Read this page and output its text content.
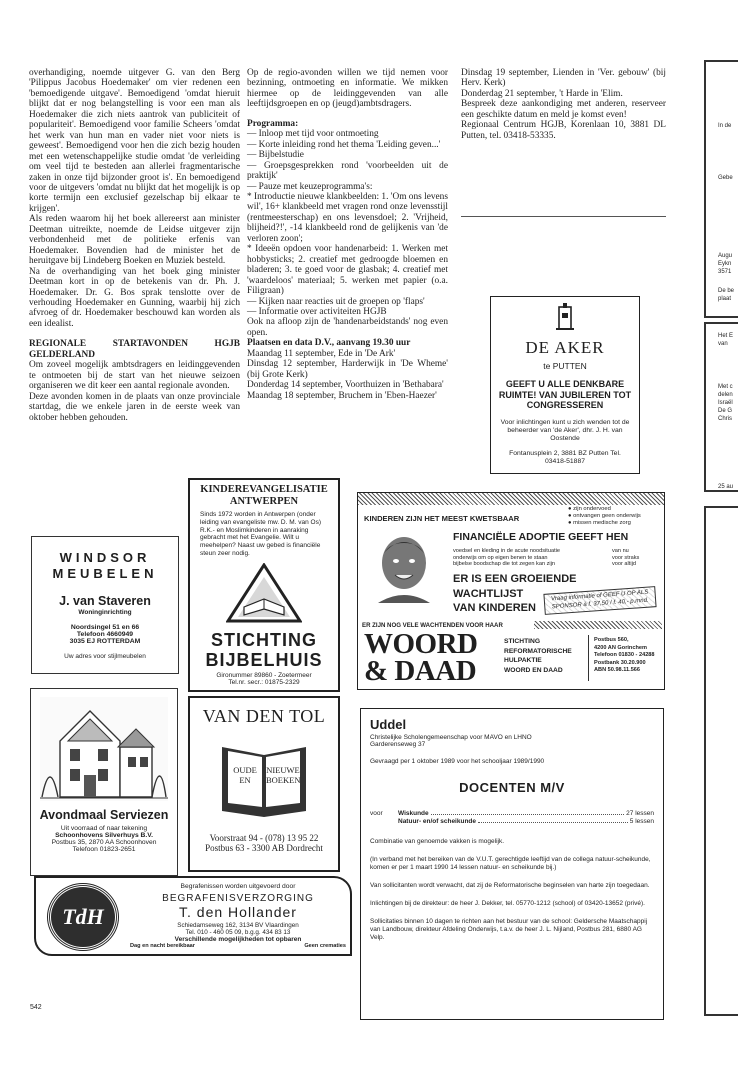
overhandiging, noemde uitgever G. van den Berg 'Pilippus Jacobus Hoedemaker' om vier redenen een 'bemoedigende uitgave'. Bemoedigend 'omdat hieruit blijkt dat er nog belangstelling is voor een man als Hoedemaker die zich niets aantrok van publiciteit of populariteit'. Bemoedigend voor familie Scheers 'omdat het werk van hun man en vader niet voor niets is geweest'. Bemoedigend voor hen die zich bezig houden met een wetenschappelijke studie omdat 'de verleiding om veel tijd te besteden aan allerlei fragmentarische zaken in onze tijd bijzonder groot is'. En bemoedigend voor de uitgevers 'omdat nu blijkt dat het mogelijk is op korte termijn een exclusief gezelschap bij elkaar te krijgen'.

Als reden waarom hij het boek allereerst aan minister Deetman uitreikte, noemde de Leidse uitgever zijn verbondenheid met de politieke erfenis van Hoedemaker. Bovendien had de minister het de heruitgave bij Lindeberg Boeken en Muziek besteld.

Na de overhandiging van het boek ging minister Deetman kort in op de betekenis van dr. Ph. J. Hoedemaker. Dr. G. Bos sprak tenslotte over de verhouding Hoedemaker en Gunning, waarbij hij zich afvroeg of dr. Hoedemaker beschouwd kan worden als een idealist.

REGIONALE STARTAVONDEN HGJB GELDERLAND

Om zoveel mogelijk ambtsdragers en leidinggevenden te ontmoeten bij de start van het nieuwe seizoen organiseren we dit keer een aantal regionale avonden.

Deze avonden komen in de plaats van onze provinciale startdag, die we enkele jaren in de eerste week van oktober hebben gehouden.

Op de regio-avonden willen we tijd nemen voor bezinning, ontmoeting en informatie. We mikken hiermee op de leidinggevenden van alle leeftijdsgroepen en op (jeugd)ambtsdragers.

Programma:

— Inloop met tijd voor ontmoeting

— Korte inleiding rond het thema 'Leiding geven...'

— Bijbelstudie

— Groepsgesprekken rond 'voorbeelden uit de praktijk'

— Pauze met keuzeprogramma's:

* Introductie nieuwe klankbeelden: 1. 'Om ons levens wil', 16+ klankbeeld met vragen rond onze levensstijl (rentmeesterschap) en ons levensdoel; 2. 'Vrijheid, blijheid?!', -14 klankbeeld rond de gelijkenis van 'de verloren zoon';

* Ideeën opdoen voor handenarbeid: 1. Werken met hobbysticks; 2. creatief met gedroogde bloemen en bladeren; 3. te goed voor de glasbak; 4. creatief met 'waardeloos' materiaal; 5. werken met papier (o.a. Filigraan)

— Kijken naar reacties uit de groepen op 'flaps'

— Informatie over activiteiten HGJB

Ook na afloop zijn de 'handenarbeidstands' nog even open.

Plaatsen en data D.V., aanvang 19.30 uur

Maandag 11 september, Ede in 'De Ark'

Dinsdag 12 september, Harderwijk in 'De Wheme' (bij Grote Kerk)

Donderdag 14 september, Voorthuizen in 'Bethabara'

Maandag 18 september, Bruchem in 'Eben-Haezer'

Dinsdag 19 september, Lienden in 'Ver. gebouw' (bij Herv. Kerk)

Donderdag 21 september, 't Harde in 'Elim.

Bespreek deze aankondiging met anderen, reserveer een geschikte datum en meld je komst even!

Regionaal Centrum HGJB, Korenlaan 10, 3881 DL Putten, tel. 03418-53335.

DE AKER
te PUTTEN
GEEFT U ALLE DENKBARE RUIMTE! VAN JUBILEREN TOT CONGRESSEREN
Voor inlichtingen kunt u zich wenden tot de beheerder van 'de Aker', dhr. J. H. van Oostende
Fontanusplein 2, 3881 BZ Putten Tel. 03418-51887
In de
Gebe
Augu
Eykn
3571
De be
plaat
Het E
van
Met c
delen
Israël
De G
Chris
25 au
WINDSOR
MEUBELEN
J. van Staveren
Woninginrichting
Noordsingel 51 en 66
Telefoon 4660949
3035 EJ ROTTERDAM
Uw adres voor stijlmeubelen
KINDEREVANGELISATIE ANTWERPEN
Sinds 1972 worden in Antwerpen (onder leiding van evangeliste mw. D. M. van Os) R.K.- en Moslimkinderen in aanraking gebracht met het Evangelie. Wilt u meehelpen? Naast uw gebed is financiële steun zeer nodig.
STICHTING
BIJBELHUIS
Gironummer 89860 - Zoetermeer
Tel.nr. secr.: 01875-2329
KINDEREN ZIJN HET MEEST KWETSBAAR
● zijn ondervoed
● ontvangen geen onderwijs
● missen medische zorg
FINANCIËLE ADOPTIE GEEFT HEN
voedsel en kleding in de acute noodsituatie
onderwijs om op eigen benen te staan
bijbelse boodschap die tot zegen kan zijn
van nu
voor straks
voor altijd
ER IS EEN GROEIENDE
WACHTLIJST
VAN KINDEREN
Vraag informatie of GEEF U OP ALS SPONSOR à f. 37,50 / f. 40,- p.mnd.
ER ZIJN NOG VELE WACHTENDEN VOOR HAAR
WOORD
& DAAD
STICHTING
REFORMATORISCHE
HULPAKTIE
WOORD EN DAAD
Postbus 560,
4200 AN Gorinchem
Telefoon 01830 - 24288
Postbank 30.20.900
ABN 50.98.11.566
Avondmaal Serviezen
Uit voorraad of naar tekening
Schoonhovens Silverhuys B.V.
Postbus 35, 2870 AA Schoonhoven
Telefoon 01823-2651
VAN DEN TOL
OUDE
EN
NIEUWE
BOEKEN
Voorstraat 94 - (078) 13 95 22
Postbus 63 - 3300 AB Dordrecht
Uddel
Christelijke Scholengemeenschap voor MAVO en LHNO
Garderenseweg 37
Gevraagd per 1 oktober 1989 voor het schooljaar 1989/1990
DOCENTEN M/V
voor	Wiskunde	27 lessen
Natuur- en/of scheikunde	5 lessen
Combinatie van genoemde vakken is mogelijk.
(In verband met het bereiken van de V.U.T. gerechtigde leeftijd van de collega natuur-scheikunde, komen er per 1 maart 1990 14 lessen natuur- en scheikunde bij.)
Van sollicitanten wordt verwacht, dat zij de Reformatorische beginselen van harte zijn toegedaan.
Inlichtingen bij de direkteur: de heer J. Dekker, tel. 05770-1212 (school) of 03420-13652 (privé).
Sollicitaties binnen 10 dagen te richten aan het bestuur van de school: Geldersche Maatschappij van Landbouw, direkteur Afdeling Onderwijs, t.a.v. de heer J. L. Nijland, Postbus 281, 6880 AG Velp.
TdH
Begrafenissen worden uitgevoerd door
BEGRAFENISVERZORGING
T. den Hollander
Schiedamseweg 162, 3134 BV Vlaardingen
Tel. 010 - 460 05 09, b.g.g. 434 83 13
Verschillende mogelijkheden tot opbaren
Dag en nacht bereikbaar	Geen crematies
542
